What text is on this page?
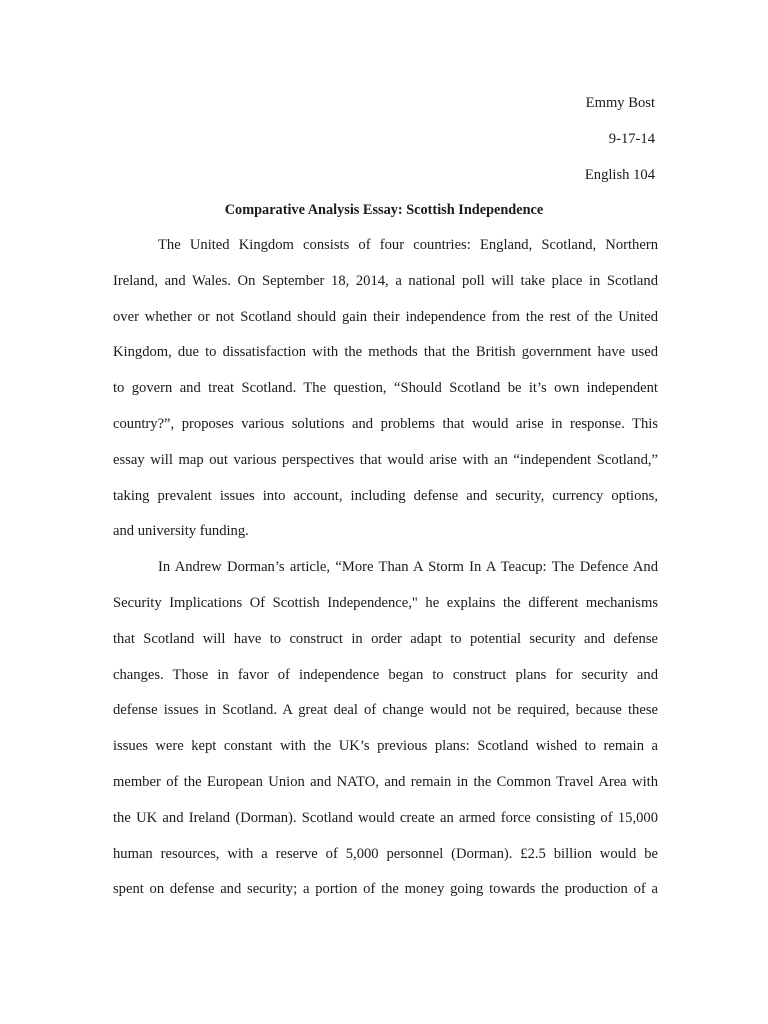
Emmy Bost
9-17-14
English 104
Comparative Analysis Essay: Scottish Independence
The United Kingdom consists of four countries: England, Scotland, Northern
Ireland, and Wales. On September 18, 2014, a national poll will take place in Scotland
over whether or not Scotland should gain their independence from the rest of the United
Kingdom, due to dissatisfaction with the methods that the British government have used
to govern and treat Scotland. The question, “Should Scotland be it’s own independent
country?”, proposes various solutions and problems that would arise in response. This
essay will map out various perspectives that would arise with an “independent Scotland,”
taking prevalent issues into account, including defense and security, currency options,
and university funding.
In Andrew Dorman’s article, “More Than A Storm In A Teacup: The Defence And
Security Implications Of Scottish Independence," he explains the different mechanisms
that Scotland will have to construct in order adapt to potential security and defense
changes. Those in favor of independence began to construct plans for security and
defense issues in Scotland. A great deal of change would not be required, because these
issues were kept constant with the UK’s previous plans: Scotland wished to remain a
member of the European Union and NATO, and remain in the Common Travel Area with
the UK and Ireland (Dorman). Scotland would create an armed force consisting of 15,000
human resources, with a reserve of 5,000 personnel (Dorman). £2.5 billion would be
spent on defense and security; a portion of the money going towards the production of a
